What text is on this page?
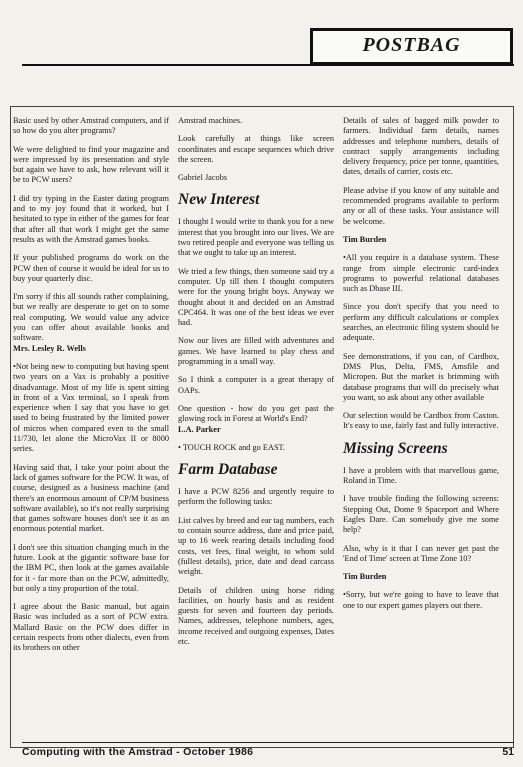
POSTBAG

Basic used by other Amstrad computers, and if so how do you alter programs?

We were delighted to find your magazine and were impressed by its presentation and style but again we have to ask, how relevant will it be to PCW users?

I did try typing in the Easter dating program and to my joy found that it worked, but I hesitated to type in either of the games for fear that after all that work I might get the same results as with the Amstrad games books.

If your published programs do work on the PCW then of course it would be ideal for us to buy your quarterly disc.

I'm sorry if this all sounds rather complaining, but we really are desperate to get on to some real computing. We would value any advice you can offer about available books and software.

Mrs. Lesley R. Wells

•Not being new to computing but having spent two years on a Vax is probably a positive disadvantage. Most of my life is spent sitting in front of a Vax terminal, so I speak from experience when I say that you have to get used to being frustrated by the limited power of micros when compared even to the small 11/730, let alone the MicroVax II or 8000 series.

Having said that, I take your point about the lack of games software for the PCW. It was, of course, designed as a business machine (and there's an enormous amount of CP/M business software available), so it's not really surprising that games software houses don't see it as an enormous potential market.

I don't see this situation changing much in the future. Look at the gigantic software base for the IBM PC, then look at the games available for it - far more than on the PCW, admittedly, but only a tiny proportion of the total.

I agree about the Basic manual, but again Basic was included as a sort of PCW extra. Mallard Basic on the PCW does differ in certain respects from other dialects, even from its brothers on other

Amstrad machines.

Look carefully at things like screen coordinates and escape sequences which drive the screen.

Gabriel Jacobs
New Interest

I thought I would write to thank you for a new interest that you brought into our lives. We are two retired people and everyone was telling us that we ought to take up an interest.

We tried a few things, then someone said try a computer. Up till then I thought computers were for the young bright boys. Anyway we thought about it and decided on an Amstrad CPC464. It was one of the best ideas we ever had.

Now our lives are filled with adventures and games. We have learned to play chess and programming in a small way.

So I think a computer is a great therapy of OAPs.

One question - how do you get past the glowing rock in Forest at World's End?

L.A. Parker

• TOUCH ROCK and go EAST.

Farm Database

I have a PCW 8256 and urgently require to perform the following tasks:

List calves by breed and ear tag numbers, each to contain source address, date and price paid, up to 16 week rearing details including food costs, vet fees, final weight, to whom sold (fullest details), price, date and dead carcass weight.

Details of children using horse riding facilities, on hourly basis and as resident guests for seven and fourteen day periods. Names, addresses, telephone numbers, ages, income received and outgoing expenses, Dates etc.

Details of sales of bagged milk powder to farmers. Individual farm details, names addresses and telephone numbers, details of contract supply arrangements including delivery frequency, price per tonne, quantities, dates, details of carrier, costs etc.

Please advise if you know of any suitable and recommended programs available to perform any or all of these tasks. Your assistance will be welcome.

Tim Burden

•All you require is a database system. These range from simple electronic card-index programs to powerful relational databases such as Dbase III.

Since you don't specify that you need to perform any difficult calculations or complex searches, an electronic filing system should be adequate.

See demonstrations, if you can, of Cardbox, DMS Plus, Delta, FMS, Amsfile and Micropen. But the market is brimming with database programs that will do precisely what you want, so ask about any other available

Our selection would be Cardbox from Caxton. It's easy to use, fairly fast and fully interactive.

Missing Screens

I have a problem with that marvellous game, Roland in Time.

I have trouble finding the following screens: Stepping Out, Dome 9 Spaceport and Where Eagles Dare. Can somebody give me some help?

Also, why is it that I can never get past the 'End of Time' screen at Time Zone 10?

Tim Burden

•Sorry, but we're going to have to leave that one to our expert games players out there.

Computing with the Amstrad - October 1986	51
